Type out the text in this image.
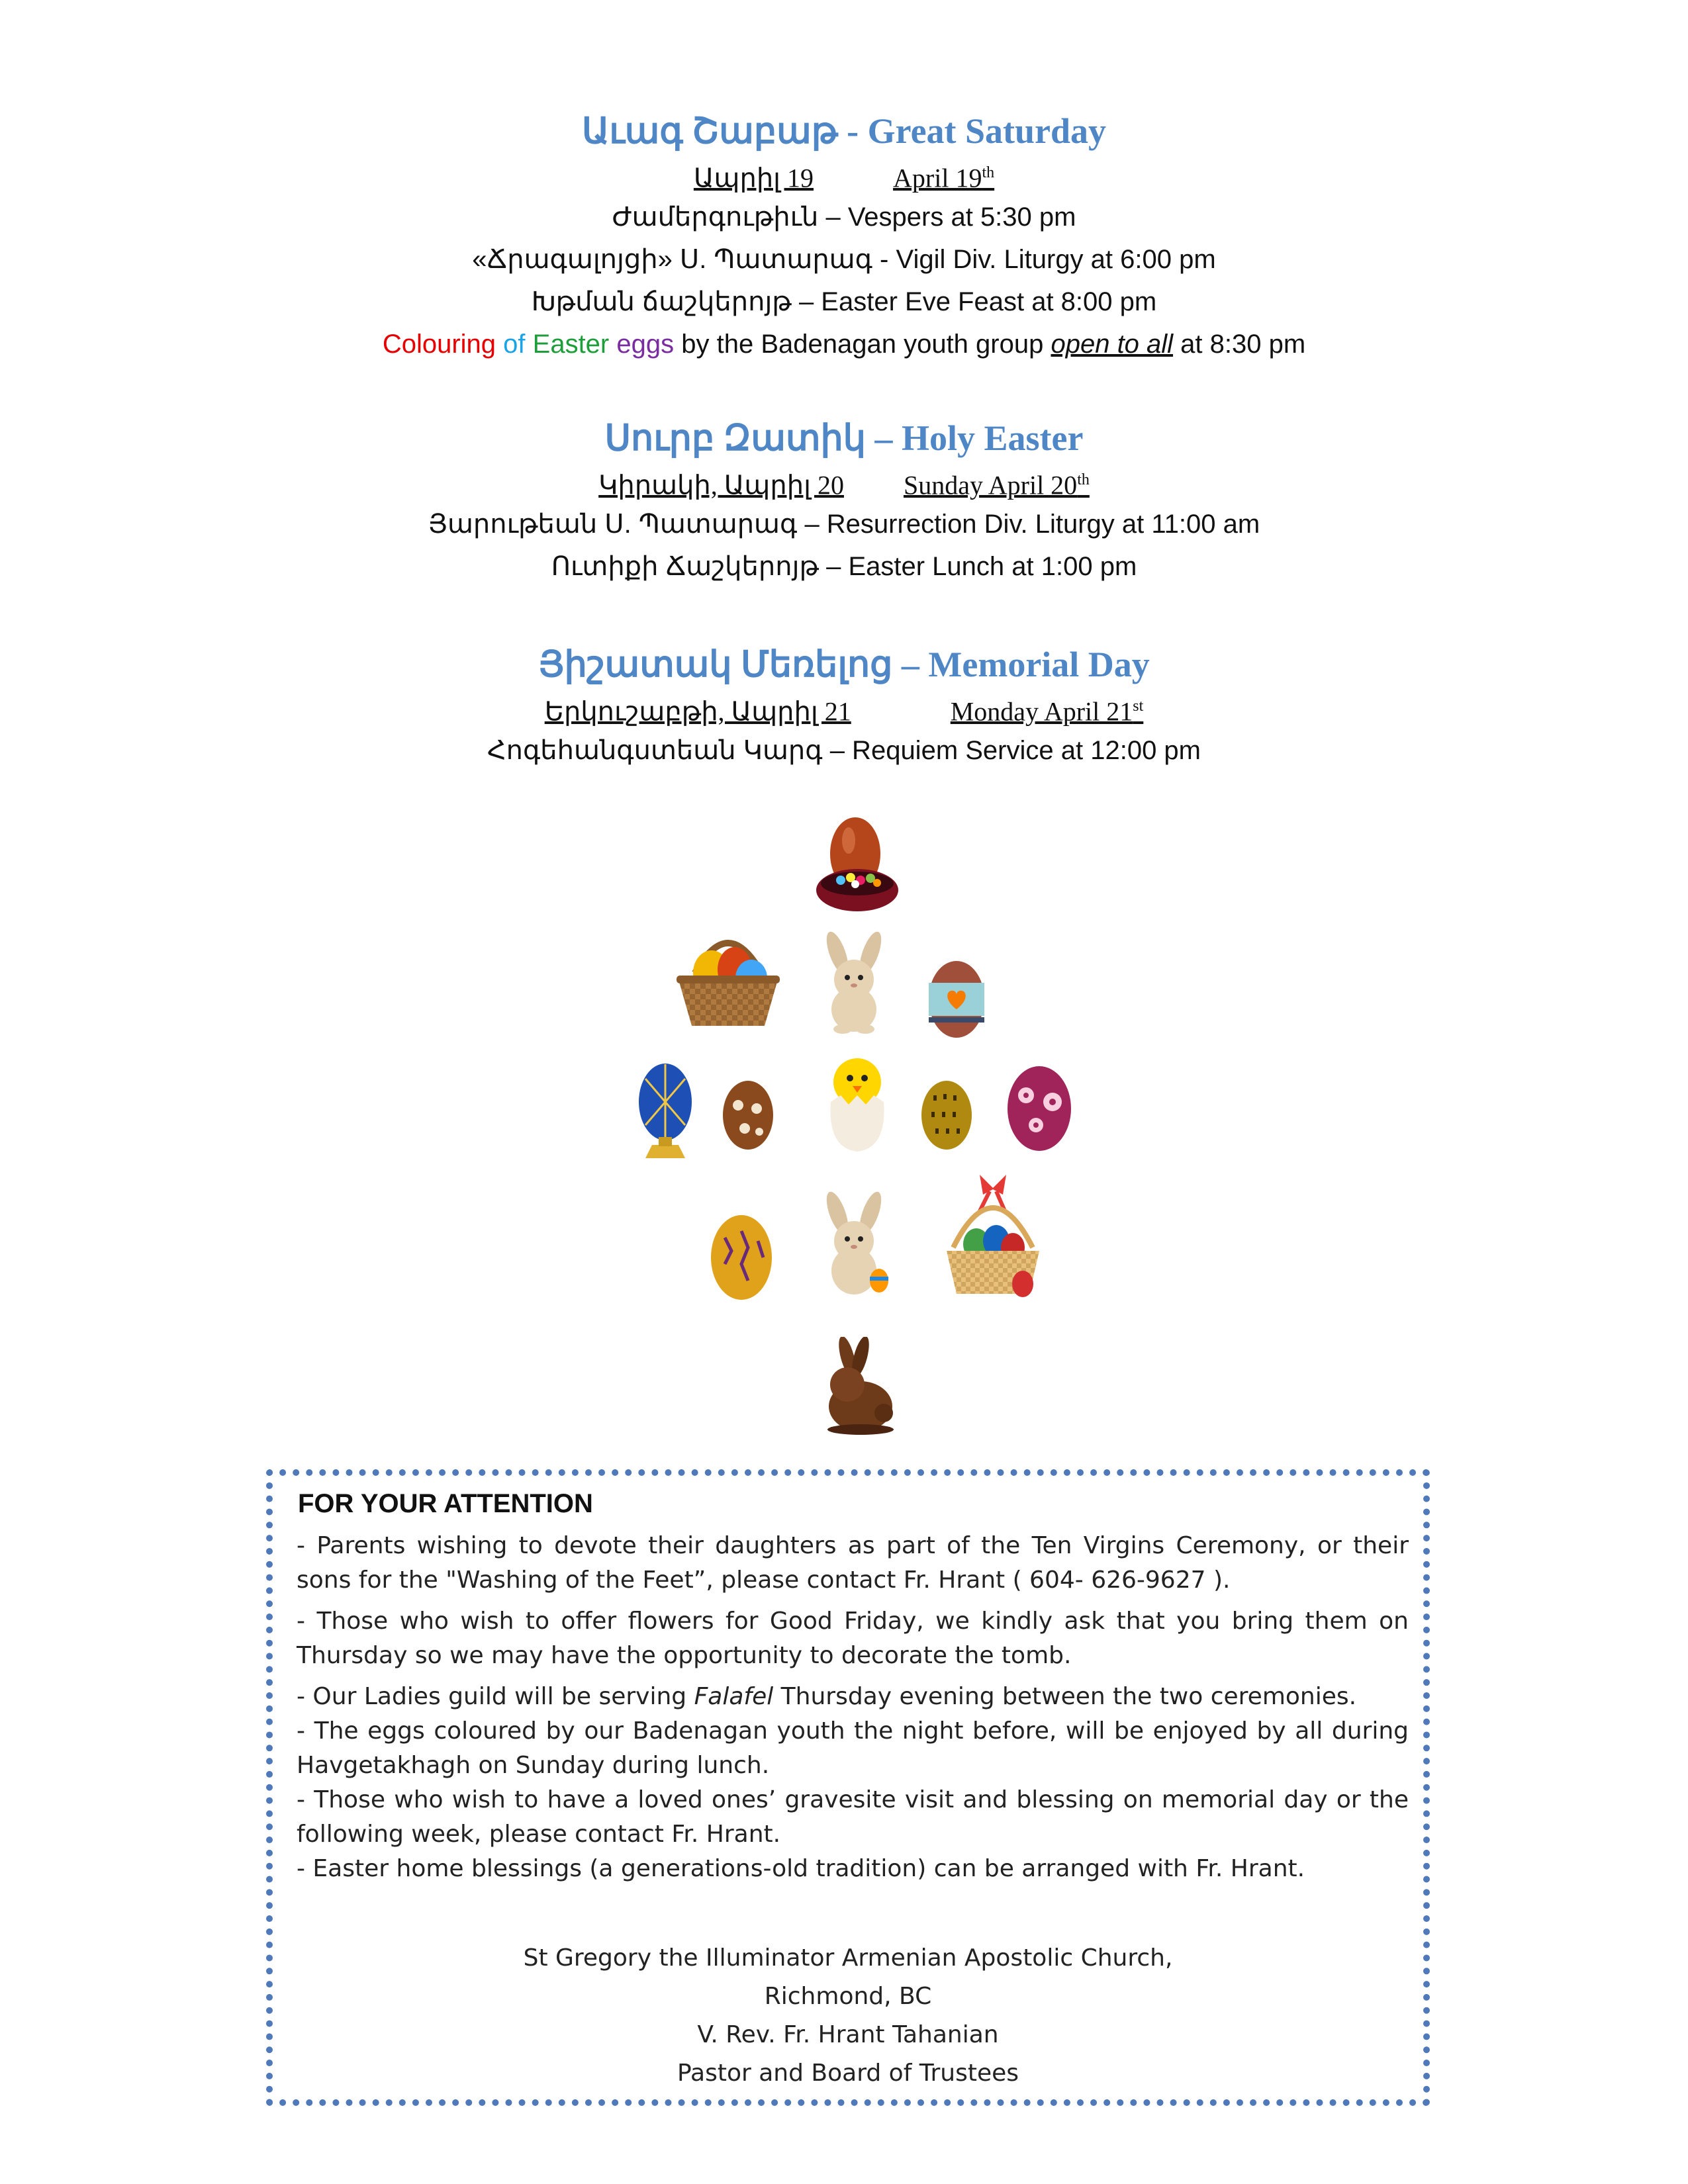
Աւագ Շաբաթ - Great Saturday
Ապրիլ 19	April 19th
Ժամերգութիւն – Vespers at 5:30 pm
«Ճրագալոյցի» Ս. Պատարագ - Vigil Div. Liturgy at 6:00 pm
Խթման ճաշկերոյթ – Easter Eve Feast at 8:00 pm
Colouring of Easter eggs by the Badenagan youth group open to all at 8:30 pm
Սուրբ Զատիկ – Holy Easter
Կիրակի, Ապրիլ 20 Sunday April 20th
Յարութեան Ս. Պատարագ – Resurrection Div. Liturgy at 11:00 am
Ուտիքի Ճաշկերոյթ – Easter Lunch at 1:00 pm
Յիշատակ Մեռելոց – Memorial Day
Երկուշաբթի, Ապրիլ 21	Monday April 21st
Հոգեհանգստեան Կարգ – Requiem Service at 12:00 pm
FOR YOUR ATTENTION

- Parents wishing to devote their daughters as part of the Ten Virgins Ceremony, or their sons for the "Washing of the Feet”, please contact Fr. Hrant ( 604- 626-9627 ).

- Those who wish to offer flowers for Good Friday, we kindly ask that you bring them on Thursday so we may have the opportunity to decorate the tomb.

- Our Ladies guild will be serving Falafel Thursday evening between the two ceremonies.

- The eggs coloured by our Badenagan youth the night before, will be enjoyed by all during Havgetakhagh on Sunday during lunch.

- Those who wish to have a loved ones’ gravesite visit and blessing on memorial day or the following week, please contact Fr. Hrant.

- Easter home blessings (a generations-old tradition) can be arranged with Fr. Hrant.

St Gregory the Illuminator Armenian Apostolic Church,
Richmond, BC
V. Rev. Fr. Hrant Tahanian
Pastor and Board of Trustees
